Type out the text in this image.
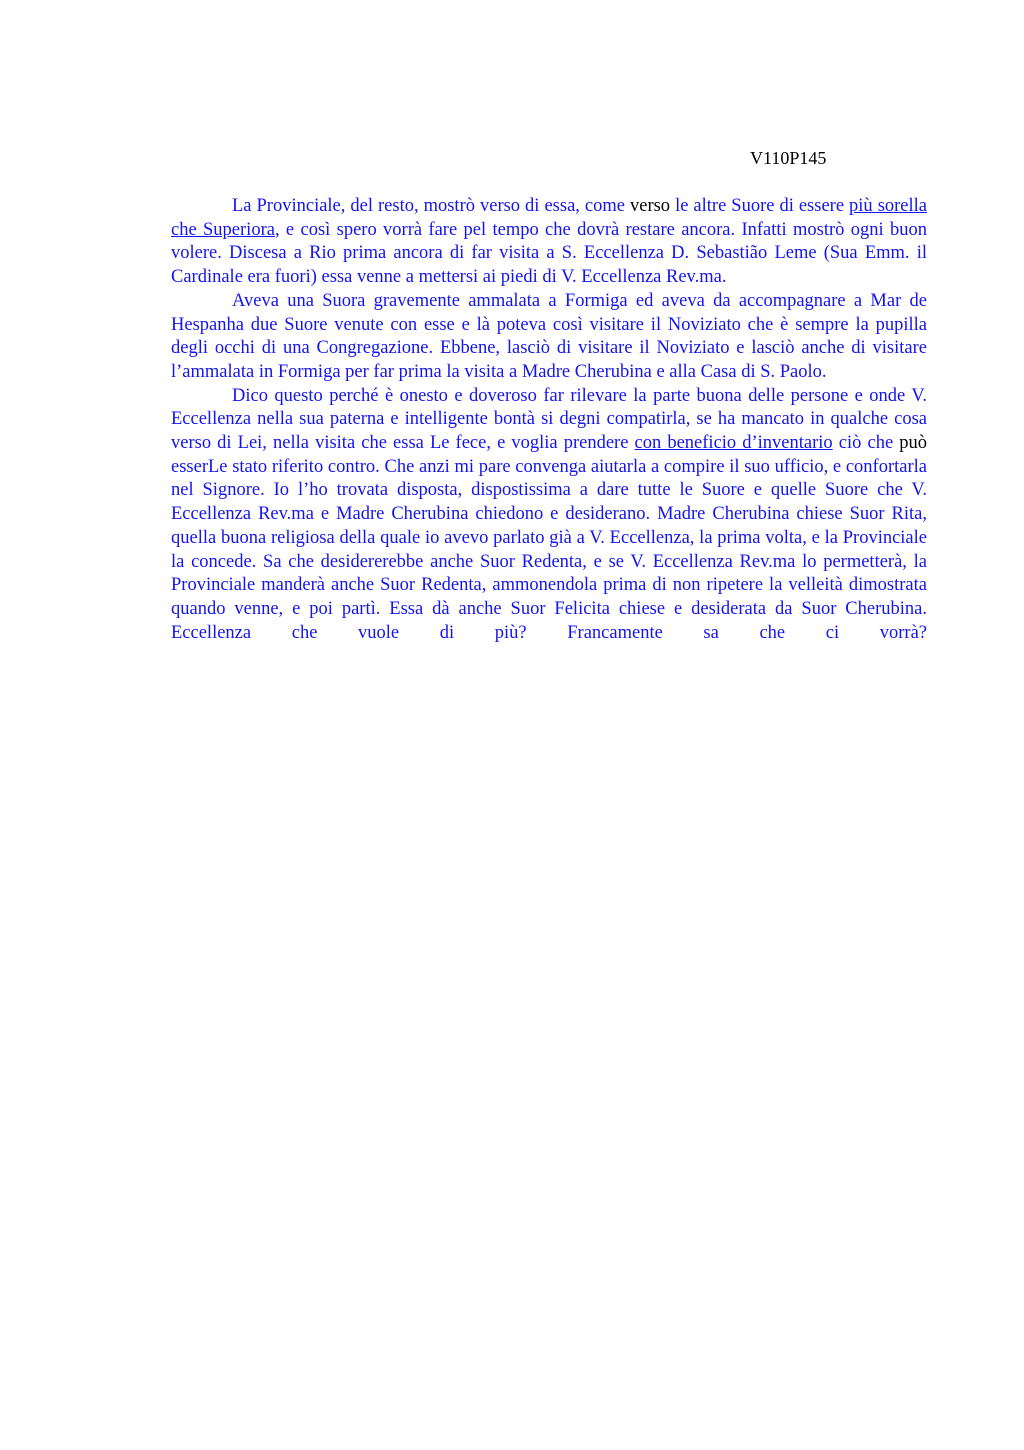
V110P145

La Provinciale, del resto, mostrò verso di essa, come verso le altre Suore di essere più sorella che Superiora, e così spero vorrà fare pel tempo che dovrà restare ancora. Infatti mostrò ogni buon volere. Discesa a Rio prima ancora di far visita a S. Eccellenza D. Sebastião Leme (Sua Emm. il Cardinale era fuori) essa venne a mettersi ai piedi di V. Eccellenza Rev.ma.

Aveva una Suora gravemente ammalata a Formiga ed aveva da accompagnare a Mar de Hespanha due Suore venute con esse e là poteva così visitare il Noviziato che è sempre la pupilla degli occhi di una Congregazione. Ebbene, lasciò di visitare il Noviziato e lasciò anche di visitare l’ammalata in Formiga per far prima la visita a Madre Cherubina e alla Casa di S. Paolo.

Dico questo perché è onesto e doveroso far rilevare la parte buona delle persone e onde V. Eccellenza nella sua paterna e intelligente bontà si degni compatirla, se ha mancato in qualche cosa verso di Lei, nella visita che essa Le fece, e voglia prendere con beneficio d’inventario ciò che può esserLe stato riferito contro. Che anzi mi pare convenga aiutarla a compire il suo ufficio, e confortarla nel Signore. Io l’ho trovata disposta, dispostissima a dare tutte le Suore e quelle Suore che V. Eccellenza Rev.ma e Madre Cherubina chiedono e desiderano. Madre Cherubina chiese Suor Rita, quella buona religiosa della quale io avevo parlato già a V. Eccellenza, la prima volta, e la Provinciale la concede. Sa che desidererebbe anche Suor Redenta, e se V. Eccellenza Rev.ma lo permetterà, la Provinciale manderà anche Suor Redenta, ammonendola prima di non ripetere la velleità dimostrata quando venne, e poi partì. Essa dà anche Suor Felicita chiese e desiderata da Suor Cherubina. Eccellenza che vuole di più? Francamente sa che ci vorrà?
